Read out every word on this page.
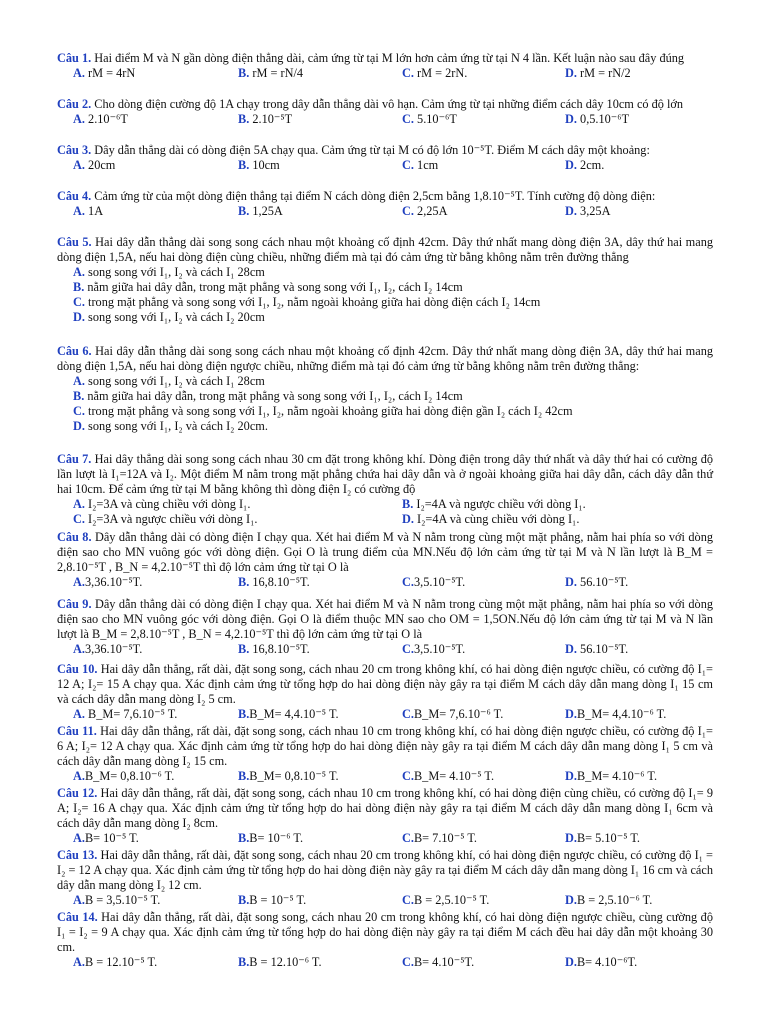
Câu 1. Hai điểm M và N gần dòng điện thẳng dài, cảm ứng từ tại M lớn hơn cảm ứng từ tại N 4 lần. Kết luận nào sau đây đúng
A. rM = 4rN	B. rM = rN/4	C. rM = 2rN.	D. rM = rN/2
Câu 2. Cho dòng điện cường độ 1A chạy trong dây dẫn thẳng dài vô hạn. Cảm ứng từ tại những điểm cách dây 10cm có độ lớn
A. 2.10⁻⁶T	B. 2.10⁻⁵T	C. 5.10⁻⁶T	D. 0,5.10⁻⁶T
Câu 3. Dây dẫn thẳng dài có dòng điện 5A chạy qua. Cảm ứng từ tại M có độ lớn 10⁻⁵T. Điểm M cách dây một khoảng:
A. 20cm	B. 10cm	C. 1cm	D. 2cm.
Câu 4. Cảm ứng từ của một dòng điện thẳng tại điểm N cách dòng điện 2,5cm bằng 1,8.10⁻⁵T. Tính cường độ dòng điện:
A. 1A	B. 1,25A	C. 2,25A	D. 3,25A
Câu 5. Hai dây dẫn thẳng dài song song cách nhau một khoảng cố định 42cm. Dây thứ nhất mang dòng điện 3A, dây thứ hai mang dòng điện 1,5A, nếu hai dòng điện cùng chiều, những điểm mà tại đó cảm ứng từ bằng không nằm trên đường thẳng
A. song song với I₁, I₂ và cách I₁ 28cm
B. nằm giữa hai dây dẫn, trong mặt phẳng và song song với I₁, I₂, cách I₂ 14cm
C. trong mặt phẳng và song song với I₁, I₂, nằm ngoài khoảng giữa hai dòng điện cách I₂ 14cm
D. song song với I₁, I₂ và cách I₂ 20cm
Câu 6. Hai dây dẫn thẳng dài song song cách nhau một khoảng cố định 42cm. Dây thứ nhất mang dòng điện 3A, dây thứ hai mang dòng điện 1,5A, nếu hai dòng điện ngược chiều, những điểm mà tại đó cảm ứng từ bằng không nằm trên đường thẳng:
A. song song với I₁, I₂ và cách I₁ 28cm
B. nằm giữa hai dây dẫn, trong mặt phẳng và song song với I₁, I₂, cách I₂ 14cm
C. trong mặt phẳng và song song với I₁, I₂, nằm ngoài khoảng giữa hai dòng điện gần I₂ cách I₂ 42cm
D. song song với I₁, I₂ và cách I₂ 20cm.
Câu 7. Hai dây thẳng dài song song cách nhau 30 cm đặt trong không khí. Dòng điện trong dây thứ nhất và dây thứ hai có cường độ lần lượt là I₁=12A và I₂. Một điểm M nằm trong mặt phẳng chứa hai dây dẫn và ở ngoài khoảng giữa hai dây dẫn, cách dây dẫn thứ hai 10cm. Để cảm ứng từ tại M bằng không thì dòng điện I₂ có cường độ
A. I₂=3A và cùng chiều với dòng I₁.	B. I₂=4A và ngược chiều với dòng I₁.
C. I₂=3A và ngược chiều với dòng I₁.	D. I₂=4A và cùng chiều với dòng I₁.
Câu 8. Dây dẫn thẳng dài có dòng điện I chạy qua. Xét hai điểm M và N nằm trong cùng một mặt phẳng, nằm hai phía so với dòng điện sao cho MN vuông góc với dòng điện. Gọi O là trung điểm của MN.Nếu độ lớn cảm ứng từ tại M và N lần lượt là B_M = 2,8.10⁻⁵T , B_N = 4,2.10⁻⁵T thì độ lớn cảm ứng từ tại O là
A.3,36.10⁻⁵T.	B. 16,8.10⁻⁵T.	C.3,5.10⁻⁵T.	D. 56.10⁻⁵T.
Câu 9. Dây dẫn thẳng dài có dòng điện I chạy qua. Xét hai điểm M và N nằm trong cùng một mặt phẳng, nằm hai phía so với dòng điện sao cho MN vuông góc với dòng điện. Gọi O là điểm thuộc MN sao cho OM = 1,5ON.Nếu độ lớn cảm ứng từ tại M và N lần lượt là B_M = 2,8.10⁻⁵T , B_N = 4,2.10⁻⁵T thì độ lớn cảm ứng từ tại O là
A.3,36.10⁻⁵T.	B. 16,8.10⁻⁵T.	C.3,5.10⁻⁵T.	D. 56.10⁻⁵T.
Câu 10. Hai dây dẫn thẳng, rất dài, đặt song song, cách nhau 20 cm trong không khí, có hai dòng điện ngược chiều, có cường độ I₁= 12 A; I₂= 15 A chạy qua. Xác định cảm ứng từ tổng hợp do hai dòng điện này gây ra tại điểm M cách dây dẫn mang dòng I₁ 15 cm và cách dây dẫn mang dòng I₂ 5 cm.
A. B_M= 7,6.10⁻⁵ T.	B.B_M= 4,4.10⁻⁵ T.	C.B_M= 7,6.10⁻⁶ T.	D.B_M= 4,4.10⁻⁶ T.
Câu 11. Hai dây dẫn thẳng, rất dài, đặt song song, cách nhau 10 cm trong không khí, có hai dòng điện ngược chiều, có cường độ I₁= 6 A; I₂= 12 A chạy qua. Xác định cảm ứng từ tổng hợp do hai dòng điện này gây ra tại điểm M cách dây dẫn mang dòng I₁ 5 cm và cách dây dẫn mang dòng I₂ 15 cm.
A.B_M= 0,8.10⁻⁶ T.	B.B_M= 0,8.10⁻⁵ T.	C.B_M= 4.10⁻⁵ T.	D.B_M= 4.10⁻⁶ T.
Câu 12. Hai dây dẫn thẳng, rất dài, đặt song song, cách nhau 10 cm trong không khí, có hai dòng điện cùng chiều, có cường độ I₁= 9 A; I₂= 16 A chạy qua. Xác định cảm ứng từ tổng hợp do hai dòng điện này gây ra tại điểm M cách dây dẫn mang dòng I₁ 6cm và cách dây dẫn mang dòng I₂ 8cm.
A.B= 10⁻⁵ T.	B.B= 10⁻⁶ T.	C.B= 7.10⁻⁵ T.	D.B= 5.10⁻⁵ T.
Câu 13. Hai dây dẫn thẳng, rất dài, đặt song song, cách nhau 20 cm trong không khí, có hai dòng điện ngược chiều, có cường độ I₁ = I₂ = 12 A chạy qua. Xác định cảm ứng từ tổng hợp do hai dòng điện này gây ra tại điểm M cách dây dẫn mang dòng I₁ 16 cm và cách dây dẫn mang dòng I₂ 12 cm.
A.B = 3,5.10⁻⁵ T.	B.B = 10⁻⁵ T.	C.B = 2,5.10⁻⁵ T.	D.B = 2,5.10⁻⁶ T.
Câu 14. Hai dây dẫn thẳng, rất dài, đặt song song, cách nhau 20 cm trong không khí, có hai dòng điện ngược chiều, cùng cường độ I₁ = I₂ = 9 A chạy qua. Xác định cảm ứng từ tổng hợp do hai dòng điện này gây ra tại điểm M cách đều hai dây dẫn một khoảng 30 cm.
A.B = 12.10⁻⁵ T.	B.B = 12.10⁻⁶ T.	C.B= 4.10⁻⁵T.	D.B= 4.10⁻⁶T.
